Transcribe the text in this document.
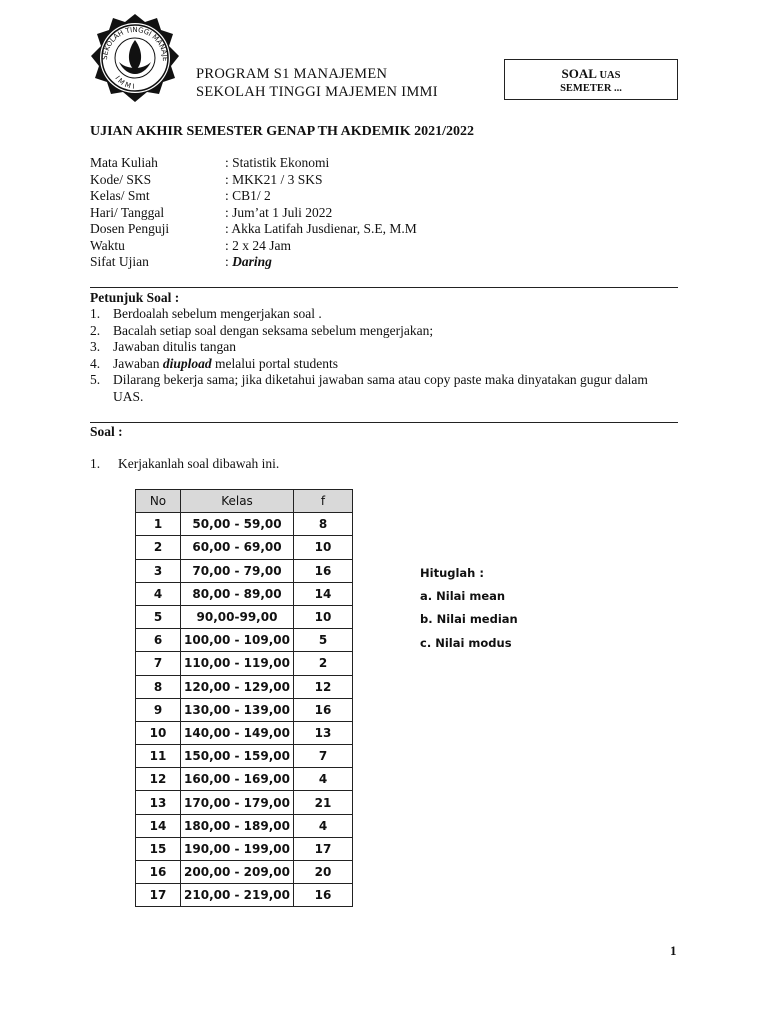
SEKOLAH TINGGI MANAJE
I M M I
PROGRAM S1 MANAJEMEN
SEKOLAH TINGGI MAJEMEN IMMI
SOAL UAS
SEMETER ...
UJIAN AKHIR SEMESTER GENAP TH AKDEMIK 2021/2022
Mata Kuliah	: Statistik Ekonomi
Kode/ SKS	: MKK21 / 3 SKS
Kelas/ Smt	: CB1/ 2
Hari/ Tanggal	: Jum’at 1 Juli 2022
Dosen Penguji	: Akka Latifah Jusdienar, S.E, M.M
Waktu	: 2 x 24 Jam
Sifat Ujian	: Daring
Petunjuk Soal :
1. Berdoalah sebelum mengerjakan soal .
2. Bacalah setiap soal dengan seksama sebelum mengerjakan;
3. Jawaban ditulis tangan
4. Jawaban diupload melalui portal students
5. Dilarang bekerja sama; jika diketahui jawaban sama atau copy paste maka dinyatakan gugur dalam UAS.
Soal :
1. Kerjakanlah soal dibawah ini.
No	Kelas	f
1	50,00 - 59,00	8
2	60,00 - 69,00	10
3	70,00 - 79,00	16
4	80,00 - 89,00	14
5	90,00-99,00	10
6	100,00 - 109,00	5
7	110,00 - 119,00	2
8	120,00 - 129,00	12
9	130,00 - 139,00	16
10	140,00 - 149,00	13
11	150,00 - 159,00	7
12	160,00 - 169,00	4
13	170,00 - 179,00	21
14	180,00 - 189,00	4
15	190,00 - 199,00	17
16	200,00 - 209,00	20
17	210,00 - 219,00	16
Hituglah :
a. Nilai mean
b. Nilai median
c. Nilai modus
1
